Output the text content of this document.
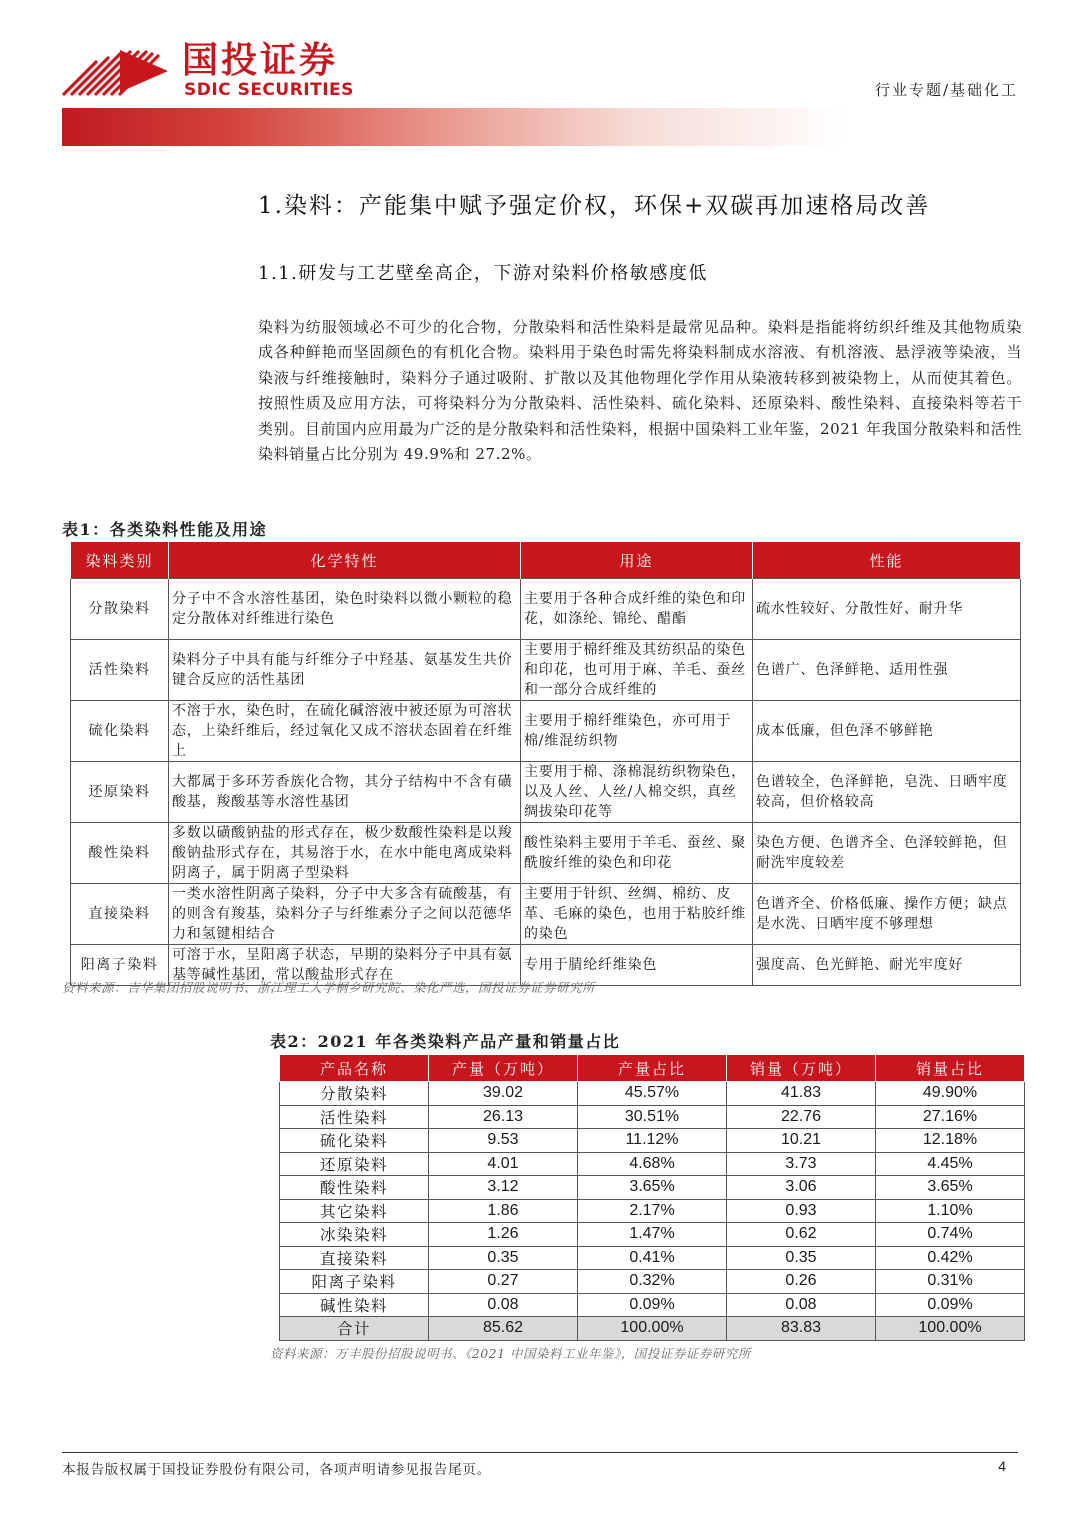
国投证券
SDIC SECURITIES	行业专题/基础化工
1.染料：产能集中赋予强定价权，环保+双碳再加速格局改善
1.1.研发与工艺壁垒高企，下游对染料价格敏感度低
染料为纺服领域必不可少的化合物，分散染料和活性染料是最常见品种。染料是指能将纺织纤维及其他物质染成各种鲜艳而坚固颜色的有机化合物。染料用于染色时需先将染料制成水溶液、有机溶液、悬浮液等染液，当染液与纤维接触时，染料分子通过吸附、扩散以及其他物理化学作用从染液转移到被染物上，从而使其着色。按照性质及应用方法，可将染料分为分散染料、活性染料、硫化染料、还原染料、酸性染料、直接染料等若干类别。目前国内应用最为广泛的是分散染料和活性染料，根据中国染料工业年鉴，2021 年我国分散染料和活性染料销量占比分别为 49.9%和 27.2%。
表1：各类染料性能及用途
染料类别	化学特性	用途	性能
分散染料	分子中不含水溶性基团，染色时染料以微小颗粒的稳定分散体对纤维进行染色	主要用于各种合成纤维的染色和印花，如涤纶、锦纶、醋酯	疏水性较好、分散性好、耐升华
活性染料	染料分子中具有能与纤维分子中羟基、氨基发生共价键合反应的活性基团	主要用于棉纤维及其纺织品的染色和印花，也可用于麻、羊毛、蚕丝和一部分合成纤维的	色谱广、色泽鲜艳、适用性强
硫化染料	不溶于水，染色时，在硫化碱溶液中被还原为可溶状态，上染纤维后，经过氧化又成不溶状态固着在纤维上	主要用于棉纤维染色，亦可用于棉/维混纺织物	成本低廉，但色泽不够鲜艳
还原染料	大都属于多环芳香族化合物，其分子结构中不含有磺酸基，羧酸基等水溶性基团	主要用于棉、涤棉混纺织物染色，以及人丝、人丝/人棉交织，真丝绸拔染印花等	色谱较全，色泽鲜艳，皂洗、日晒牢度较高，但价格较高
酸性染料	多数以磺酸钠盐的形式存在，极少数酸性染料是以羧酸钠盐形式存在，其易溶于水，在水中能电离成染料阴离子，属于阴离子型染料	酸性染料主要用于羊毛、蚕丝、聚酰胺纤维的染色和印花	染色方便、色谱齐全、色泽较鲜艳，但耐洗牢度较差
直接染料	一类水溶性阴离子染料，分子中大多含有硫酸基，有的则含有羧基，染料分子与纤维素分子之间以范德华力和氢键相结合	主要用于针织、丝绸、棉纺、皮革、毛麻的染色，也用于粘胶纤维的染色	色谱齐全、价格低廉、操作方便；缺点是水洗、日晒牢度不够理想
阳离子染料	可溶于水，呈阳离子状态，早期的染料分子中具有氨基等碱性基团，常以酸盐形式存在	专用于腈纶纤维染色	强度高、色光鲜艳、耐光牢度好
资料来源：吉华集团招股说明书、浙江理工大学桐乡研究院、染化严选，国投证券证券研究所
表2：2021 年各类染料产品产量和销量占比
产品名称	产量（万吨）	产量占比	销量（万吨）	销量占比
分散染料	39.02	45.57%	41.83	49.90%
活性染料	26.13	30.51%	22.76	27.16%
硫化染料	9.53	11.12%	10.21	12.18%
还原染料	4.01	4.68%	3.73	4.45%
酸性染料	3.12	3.65%	3.06	3.65%
其它染料	1.86	2.17%	0.93	1.10%
冰染染料	1.26	1.47%	0.62	0.74%
直接染料	0.35	0.41%	0.35	0.42%
阳离子染料	0.27	0.32%	0.26	0.31%
碱性染料	0.08	0.09%	0.08	0.09%
合计	85.62	100.00%	83.83	100.00%
资料来源：万丰股份招股说明书、《2021 中国染料工业年鉴》，国投证券证券研究所
本报告版权属于国投证券股份有限公司，各项声明请参见报告尾页。	4
